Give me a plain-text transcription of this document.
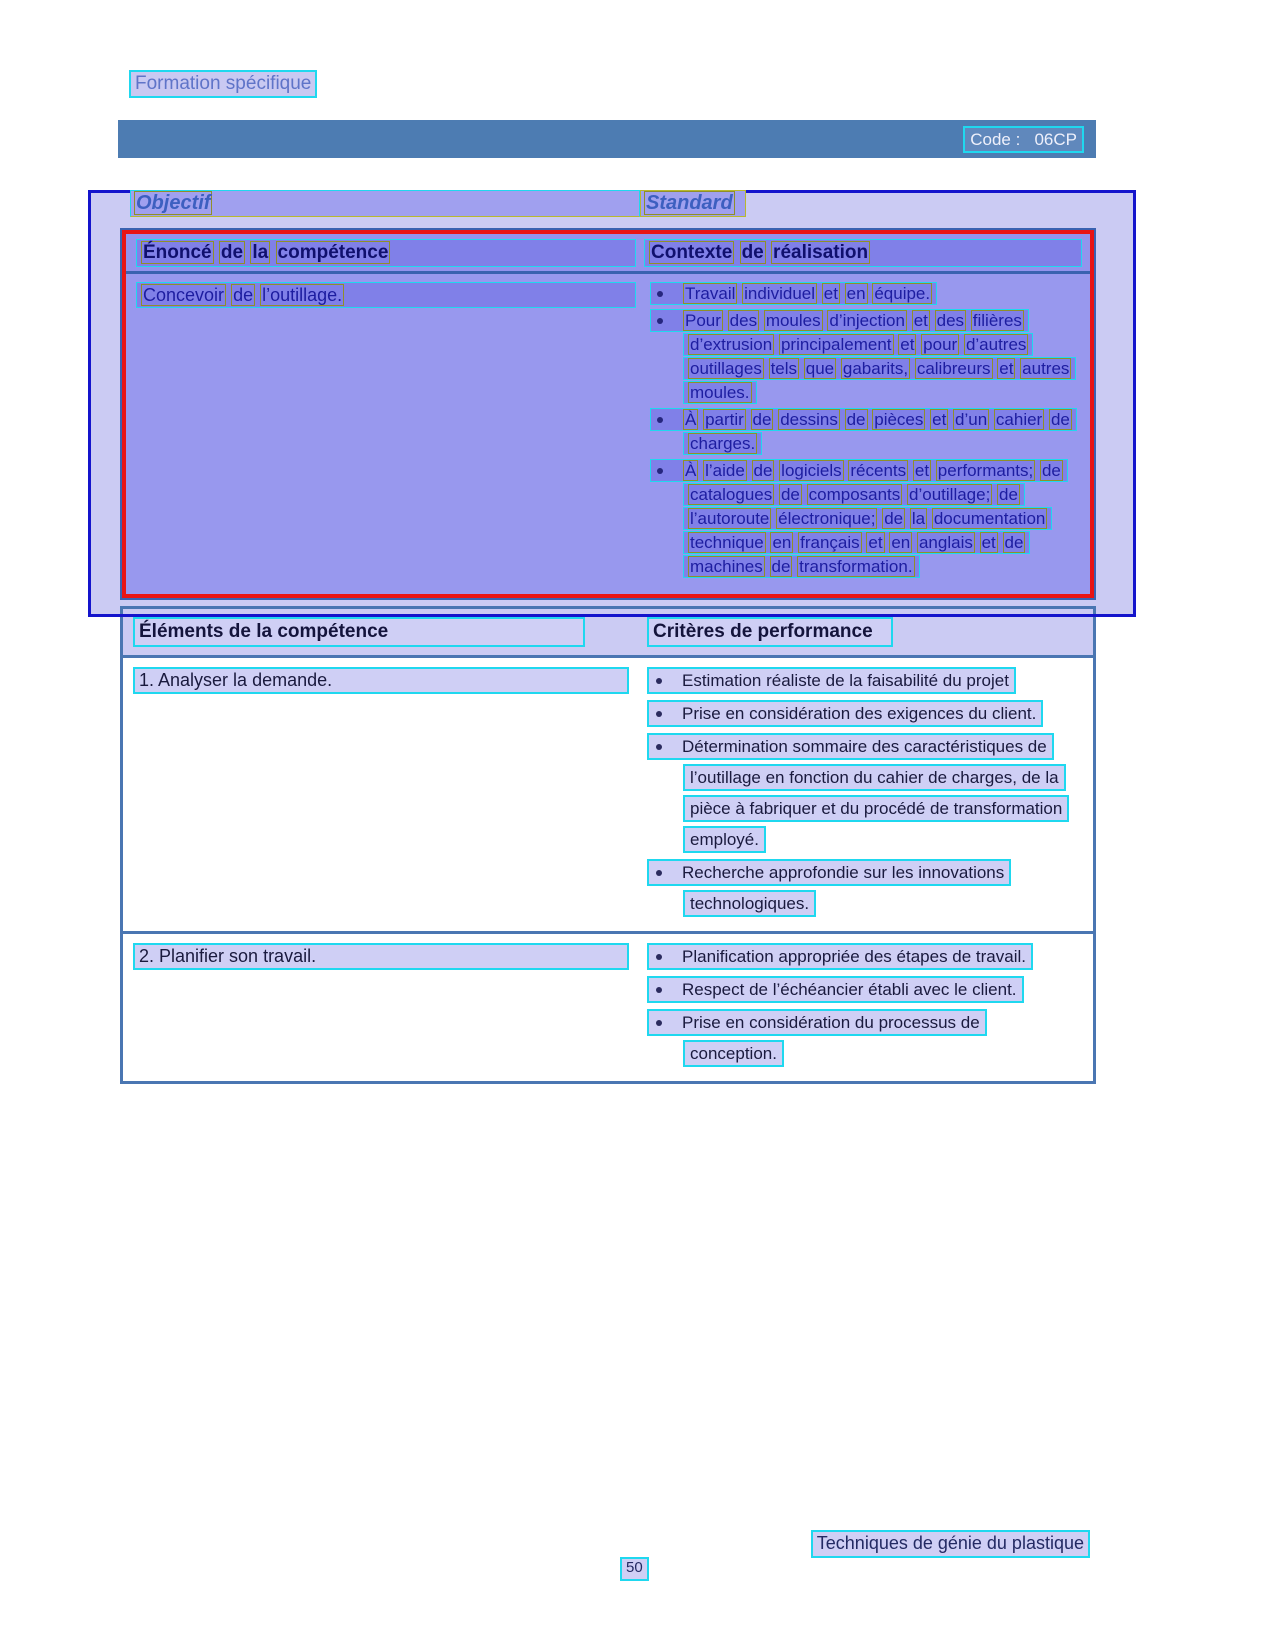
Formation spécifique
Code :   06CP
Objectif	Standard
Énoncé de la compétence	Contexte de réalisation
Concevoir de l’outillage.	Travail individuel et en équipe.
Pour des moules d’injection et des filières
d’extrusion principalement et pour d’autres
outillages tels que gabarits, calibreurs et autres
moules.
À partir de dessins de pièces et d’un cahier de
charges.
À l’aide de logiciels récents et performants; de
catalogues de composants d’outillage; de
l’autoroute électronique; de la documentation
technique en français et en anglais et de
machines de transformation.
Éléments de la compétence	Critères de performance
1. Analyser la demande.	Estimation réaliste de la faisabilité du projet
Prise en considération des exigences du client.
Détermination sommaire des caractéristiques de
l’outillage en fonction du cahier de charges, de la
pièce à fabriquer et du procédé de transformation
employé.
Recherche approfondie sur les innovations
technologiques.
2. Planifier son travail.	Planification appropriée des étapes de travail.
Respect de l’échéancier établi avec le client.
Prise en considération du processus de
conception.
Techniques de génie du plastique
50
